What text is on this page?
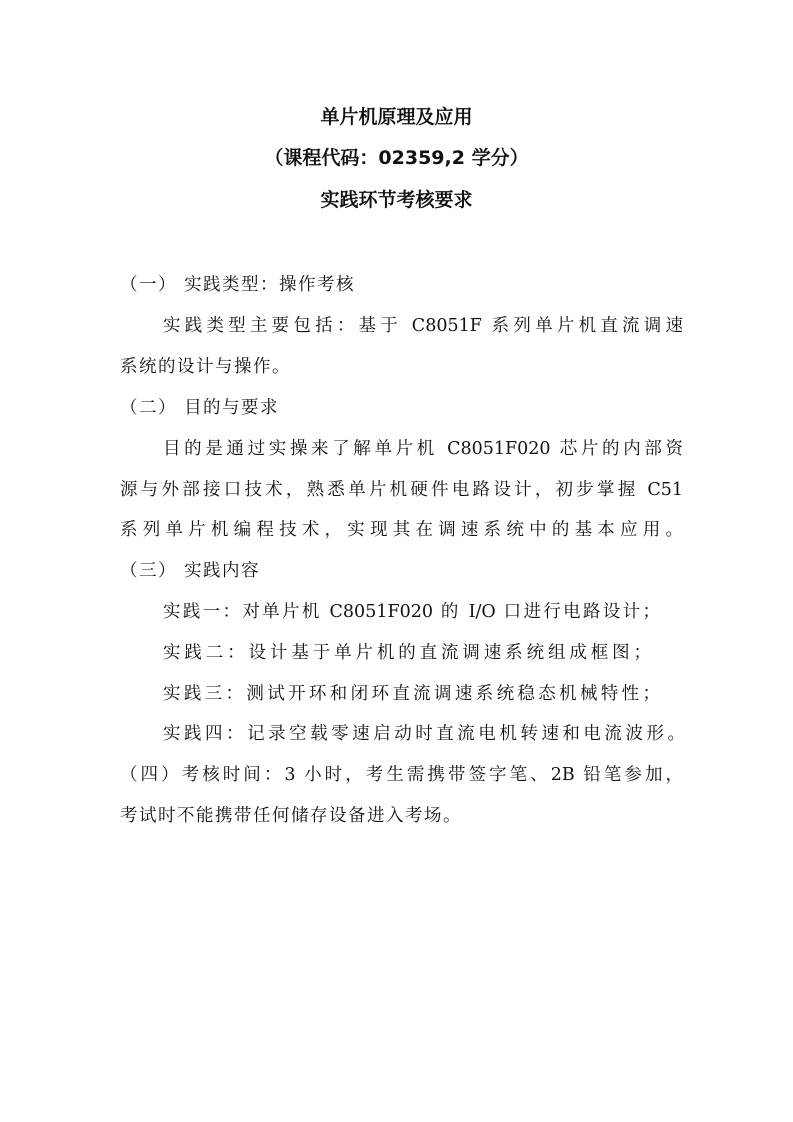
单片机原理及应用
（课程代码：02359,2 学分）
实践环节考核要求
（一） 实践类型：操作考核
实践类型主要包括：基于 C8051F 系列单片机直流调速
系统的设计与操作。
（二） 目的与要求
目的是通过实操来了解单片机 C8051F020 芯片的内部资
源与外部接口技术，熟悉单片机硬件电路设计，初步掌握 C51
系列单片机编程技术，实现其在调速系统中的基本应用。
（三） 实践内容
实践一：对单片机 C8051F020 的 I/O 口进行电路设计；
实践二：设计基于单片机的直流调速系统组成框图；
实践三：测试开环和闭环直流调速系统稳态机械特性；
实践四：记录空载零速启动时直流电机转速和电流波形。
（四）考核时间：3 小时，考生需携带签字笔、2B 铅笔参加，
考试时不能携带任何储存设备进入考场。
